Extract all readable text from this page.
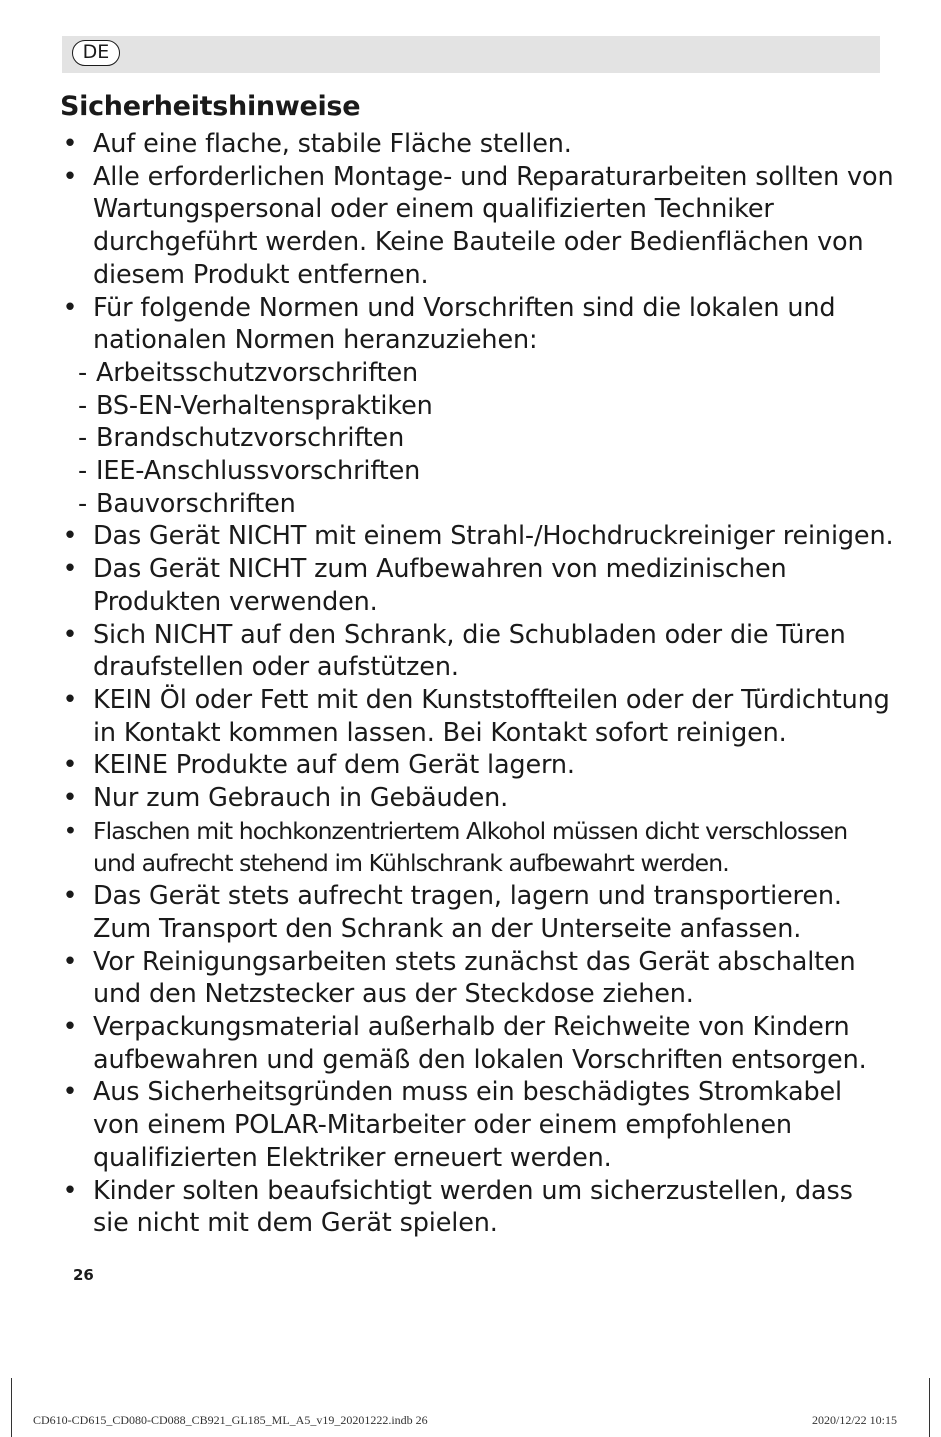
DE
Sicherheitshinweise
• Auf eine flache, stabile Fläche stellen.
• Alle erforderlichen Montage- und Reparaturarbeiten sollten von Wartungspersonal oder einem qualifizierten Techniker durchgeführt werden. Keine Bauteile oder Bedienflächen von diesem Produkt entfernen.
• Für folgende Normen und Vorschriften sind die lokalen und nationalen Normen heranzuziehen:
- Arbeitsschutzvorschriften
- BS-EN-Verhaltenspraktiken
- Brandschutzvorschriften
- IEE-Anschlussvorschriften
- Bauvorschriften
• Das Gerät NICHT mit einem Strahl-/Hochdruckreiniger reinigen.
• Das Gerät NICHT zum Aufbewahren von medizinischen Produkten verwenden.
• Sich NICHT auf den Schrank, die Schubladen oder die Türen draufstellen oder aufstützen.
• KEIN Öl oder Fett mit den Kunststoffteilen oder der Türdichtung in Kontakt kommen lassen. Bei Kontakt sofort reinigen.
• KEINE Produkte auf dem Gerät lagern.
• Nur zum Gebrauch in Gebäuden.
• Flaschen mit hochkonzentriertem Alkohol müssen dicht verschlossen und aufrecht stehend im Kühlschrank aufbewahrt werden.
• Das Gerät stets aufrecht tragen, lagern und transportieren. Zum Transport den Schrank an der Unterseite anfassen.
• Vor Reinigungsarbeiten stets zunächst das Gerät abschalten und den Netzstecker aus der Steckdose ziehen.
• Verpackungsmaterial außerhalb der Reichweite von Kindern aufbewahren und gemäß den lokalen Vorschriften entsorgen.
• Aus Sicherheitsgründen muss ein beschädigtes Stromkabel von einem POLAR-Mitarbeiter oder einem empfohlenen qualifizierten Elektriker erneuert werden.
• Kinder solten beaufsichtigt werden um sicherzustellen, dass sie nicht mit dem Gerät spielen.
26
CD610-CD615_CD080-CD088_CB921_GL185_ML_A5_v19_20201222.indb 26	2020/12/22 10:15
